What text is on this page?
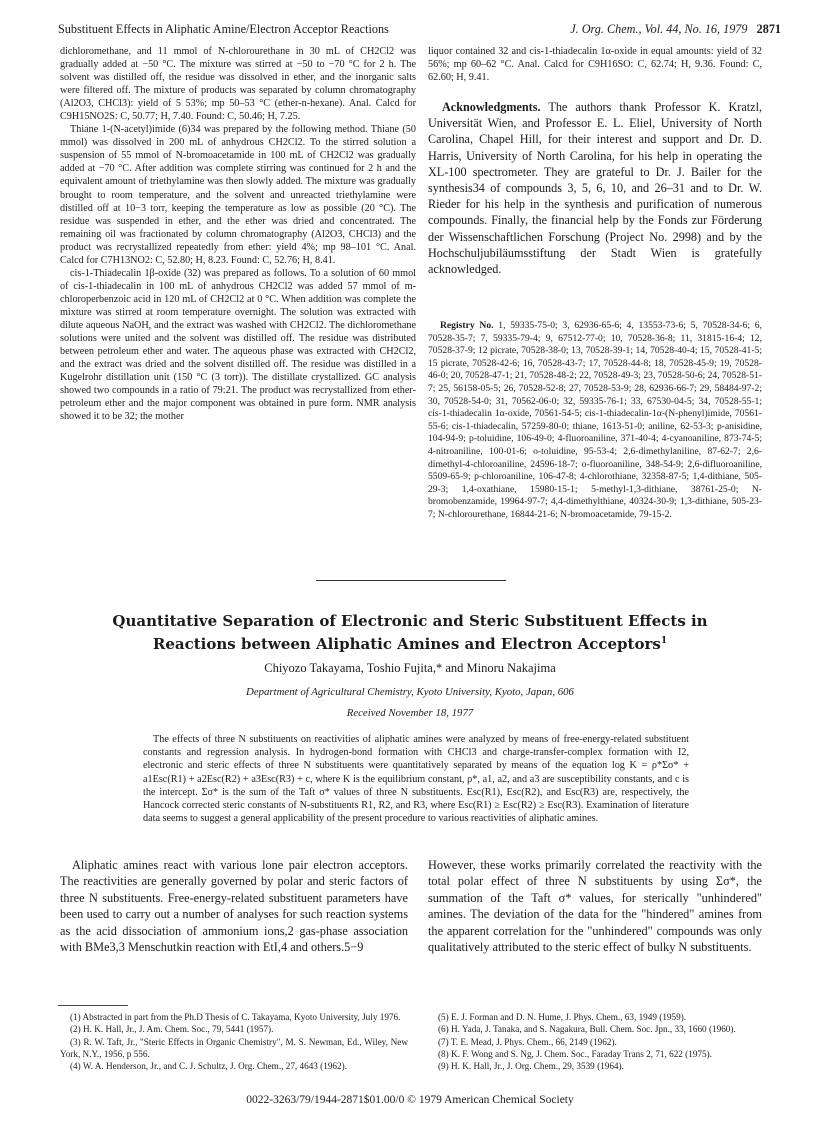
Substituent Effects in Aliphatic Amine/Electron Acceptor Reactions	J. Org. Chem., Vol. 44, No. 16, 1979 2871

dichloromethane, and 11 mmol of N-chlorourethane in 30 mL of CH2Cl2 was gradually added at −50 °C. The mixture was stirred at −50 to −70 °C for 2 h. The solvent was distilled off, the residue was dissolved in ether, and the inorganic salts were filtered off. The mixture of products was separated by column chromatography (Al2O3, CHCl3): yield of 5 53%; mp 50–53 °C (ether-n-hexane). Anal. Calcd for C9H15NO2S: C, 50.77; H, 7.40. Found: C, 50.46; H, 7.25.

Thiane 1-(N-acetyl)imide (6)34 was prepared by the following method. Thiane (50 mmol) was dissolved in 200 mL of anhydrous CH2Cl2. To the stirred solution a suspension of 55 mmol of N-bromoacetamide in 100 mL of CH2Cl2 was gradually added at −70 °C. After addition was complete stirring was continued for 2 h and the equivalent amount of triethylamine was then slowly added. The mixture was gradually brought to room temperature, and the solvent and unreacted triethylamine were distilled off at 10−3 torr, keeping the temperature as low as possible (20 °C). The residue was suspended in ether, and the ether was dried and concentrated. The remaining oil was fractionated by column chromatography (Al2O3, CHCl3) and the product was recrystallized repeatedly from ether: yield 4%; mp 98–101 °C. Anal. Calcd for C7H13NO2: C, 52.80; H, 8.23. Found: C, 52.76; H, 8.41.

cis-1-Thiadecalin 1β-oxide (32) was prepared as follows. To a solution of 60 mmol of cis-1-thiadecalin in 100 mL of anhydrous CH2Cl2 was added 57 mmol of m-chloroperbenzoic acid in 120 mL of CH2Cl2 at 0 °C. When addition was complete the mixture was stirred at room temperature overnight. The solution was extracted with dilute aqueous NaOH, and the extract was washed with CH2Cl2. The dichloromethane solutions were united and the solvent was distilled off. The residue was distributed between petroleum ether and water. The aqueous phase was extracted with CH2Cl2, and the extract was dried and the solvent distilled off. The residue was distilled in a Kugelrohr distillation unit (150 °C (3 torr)). The distillate crystallized. GC analysis showed two compounds in a ratio of 79:21. The product was recrystallized from ether-petroleum ether and the major component was obtained in pure form. NMR analysis showed it to be 32; the mother

liquor contained 32 and cis-1-thiadecalin 1α-oxide in equal amounts: yield of 32 56%; mp 60–62 °C. Anal. Calcd for C9H16SO: C, 62.74; H, 9.36. Found: C, 62.60; H, 9.41.

Acknowledgments. The authors thank Professor K. Kratzl, Universität Wien, and Professor E. L. Eliel, University of North Carolina, Chapel Hill, for their interest and support and Dr. D. Harris, University of North Carolina, for his help in operating the XL-100 spectrometer. They are grateful to Dr. J. Bailer for the synthesis34 of compounds 3, 5, 6, 10, and 26–31 and to Dr. W. Rieder for his help in the synthesis and purification of numerous compounds. Finally, the financial help by the Fonds zur Förderung der Wissenschaftlichen Forschung (Project No. 2998) and by the Hochschuljubiläumsstiftung der Stadt Wien is gratefully acknowledged.

Registry No. 1, 59335-75-0; 3, 62936-65-6; 4, 13553-73-6; 5, 70528-34-6; 6, 70528-35-7; 7, 59335-79-4; 9, 67512-77-0; 10, 70528-36-8; 11, 31815-16-4; 12, 70528-37-9; 12 picrate, 70528-38-0; 13, 70528-39-1; 14, 70528-40-4; 15, 70528-41-5; 15 picrate, 70528-42-6; 16, 70528-43-7; 17, 70528-44-8; 18, 70528-45-9; 19, 70528-46-0; 20, 70528-47-1; 21, 70528-48-2; 22, 70528-49-3; 23, 70528-50-6; 24, 70528-51-7; 25, 56158-05-5; 26, 70528-52-8; 27, 70528-53-9; 28, 62936-66-7; 29, 58484-97-2; 30, 70528-54-0; 31, 70562-06-0; 32, 59335-76-1; 33, 67530-04-5; 34, 70528-55-1; cis-1-thiadecalin 1α-oxide, 70561-54-5; cis-1-thiadecalin-1α-(N-phenyl)imide, 70561-55-6; cis-1-thiadecalin, 57259-80-0; thiane, 1613-51-0; aniline, 62-53-3; p-anisidine, 104-94-9; p-toluidine, 106-49-0; 4-fluoroaniline, 371-40-4; 4-cyanoaniline, 873-74-5; 4-nitroaniline, 100-01-6; o-toluidine, 95-53-4; 2,6-dimethylaniline, 87-62-7; 2,6-dimethyl-4-chloroaniline, 24596-18-7; o-fluoroaniline, 348-54-9; 2,6-difluoroaniline, 5509-65-9; p-chloroaniline, 106-47-8; 4-chlorothiane, 32358-87-5; 1,4-dithiane, 505-29-3; 1,4-oxathiane, 15980-15-1; 5-methyl-1,3-dithiane, 38761-25-0; N-bromobenzamide, 19964-97-7; 4,4-dimethylthiane, 40324-30-9; 1,3-dithiane, 505-23-7; N-chlorourethane, 16844-21-6; N-bromoacetamide, 79-15-2.

Quantitative Separation of Electronic and Steric Substituent Effects in
Reactions between Aliphatic Amines and Electron Acceptors$^1$
Chiyozo Takayama, Toshio Fujita,* and Minoru Nakajima
Department of Agricultural Chemistry, Kyoto University, Kyoto, Japan, 606
Received November 18, 1977

The effects of three N substituents on reactivities of aliphatic amines were analyzed by means of free-energy-related substituent constants and regression analysis. In hydrogen-bond formation with CHCl3 and charge-transfer-complex formation with I2, electronic and steric effects of three N substituents were quantitatively separated by means of the equation log K = ρ*Σσ* + a1Esc(R1) + a2Esc(R2) + a3Esc(R3) + c, where K is the equilibrium constant, ρ*, a1, a2, and a3 are susceptibility constants, and c is the intercept. Σσ* is the sum of the Taft σ* values of three N substituents. Esc(R1), Esc(R2), and Esc(R3) are, respectively, the Hancock corrected steric constants of N-substituents R1, R2, and R3, where Esc(R1) ≥ Esc(R2) ≥ Esc(R3). Examination of literature data seems to suggest a general applicability of the present procedure to various reactivities of aliphatic amines.

Aliphatic amines react with various lone pair electron acceptors. The reactivities are generally governed by polar and steric factors of three N substituents. Free-energy-related substituent parameters have been used to carry out a number of analyses for such reaction systems as the acid dissociation of ammonium ions,2 gas-phase association with BMe3,3 Menschutkin reaction with EtI,4 and others.5−9

However, these works primarily correlated the reactivity with the total polar effect of three N substituents by using Σσ*, the summation of the Taft σ* values, for sterically "unhindered" amines. The deviation of the data for the "hindered" amines from the apparent correlation for the "unhindered" compounds was only qualitatively attributed to the steric effect of bulky N substituents.

(1) Abstracted in part from the Ph.D Thesis of C. Takayama, Kyoto University, July 1976.

(2) H. K. Hall, Jr., J. Am. Chem. Soc., 79, 5441 (1957).

(3) R. W. Taft, Jr., "Steric Effects in Organic Chemistry", M. S. Newman, Ed., Wiley, New York, N.Y., 1956, p 556.

(4) W. A. Henderson, Jr., and C. J. Schultz, J. Org. Chem., 27, 4643 (1962).

(5) E. J. Forman and D. N. Hume, J. Phys. Chem., 63, 1949 (1959).

(6) H. Yada, J. Tanaka, and S. Nagakura, Bull. Chem. Soc. Jpn., 33, 1660 (1960).

(7) T. E. Mead, J. Phys. Chem., 66, 2149 (1962).

(8) K. F. Wong and S. Ng, J. Chem. Soc., Faraday Trans 2, 71, 622 (1975).

(9) H. K. Hall, Jr., J. Org. Chem., 29, 3539 (1964).

0022-3263/79/1944-2871$01.00/0 © 1979 American Chemical Society
